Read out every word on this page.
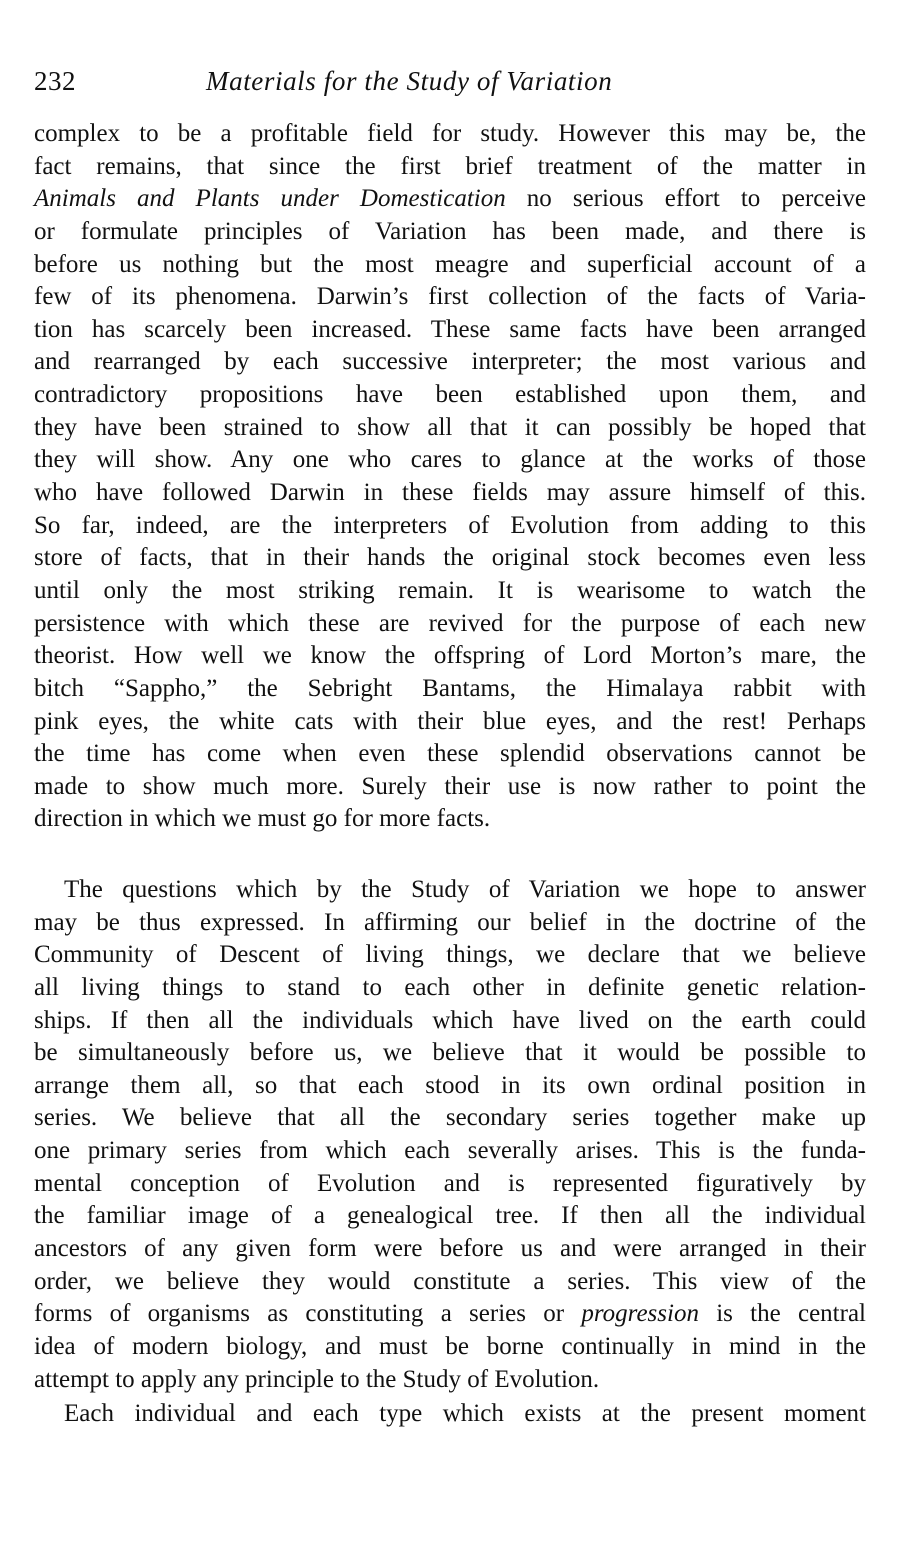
232	Materials for the Study of Variation
complex to be a profitable field for study. However this may be, the
fact remains, that since the first brief treatment of the matter in
Animals and Plants under Domestication no serious effort to perceive
or formulate principles of Variation has been made, and there is
before us nothing but the most meagre and superficial account of a
few of its phenomena. Darwin’s first collection of the facts of Varia-
tion has scarcely been increased. These same facts have been arranged
and rearranged by each successive interpreter; the most various and
contradictory propositions have been established upon them, and
they have been strained to show all that it can possibly be hoped that
they will show. Any one who cares to glance at the works of those
who have followed Darwin in these fields may assure himself of this.
So far, indeed, are the interpreters of Evolution from adding to this
store of facts, that in their hands the original stock becomes even less
until only the most striking remain. It is wearisome to watch the
persistence with which these are revived for the purpose of each new
theorist. How well we know the offspring of Lord Morton’s mare, the
bitch “Sappho,” the Sebright Bantams, the Himalaya rabbit with
pink eyes, the white cats with their blue eyes, and the rest! Perhaps
the time has come when even these splendid observations cannot be
made to show much more. Surely their use is now rather to point the
direction in which we must go for more facts.
The questions which by the Study of Variation we hope to answer
may be thus expressed. In affirming our belief in the doctrine of the
Community of Descent of living things, we declare that we believe
all living things to stand to each other in definite genetic relation-
ships. If then all the individuals which have lived on the earth could
be simultaneously before us, we believe that it would be possible to
arrange them all, so that each stood in its own ordinal position in
series. We believe that all the secondary series together make up
one primary series from which each severally arises. This is the funda-
mental conception of Evolution and is represented figuratively by
the familiar image of a genealogical tree. If then all the individual
ancestors of any given form were before us and were arranged in their
order, we believe they would constitute a series. This view of the
forms of organisms as constituting a series or progression is the central
idea of modern biology, and must be borne continually in mind in the
attempt to apply any principle to the Study of Evolution.
Each individual and each type which exists at the present moment
